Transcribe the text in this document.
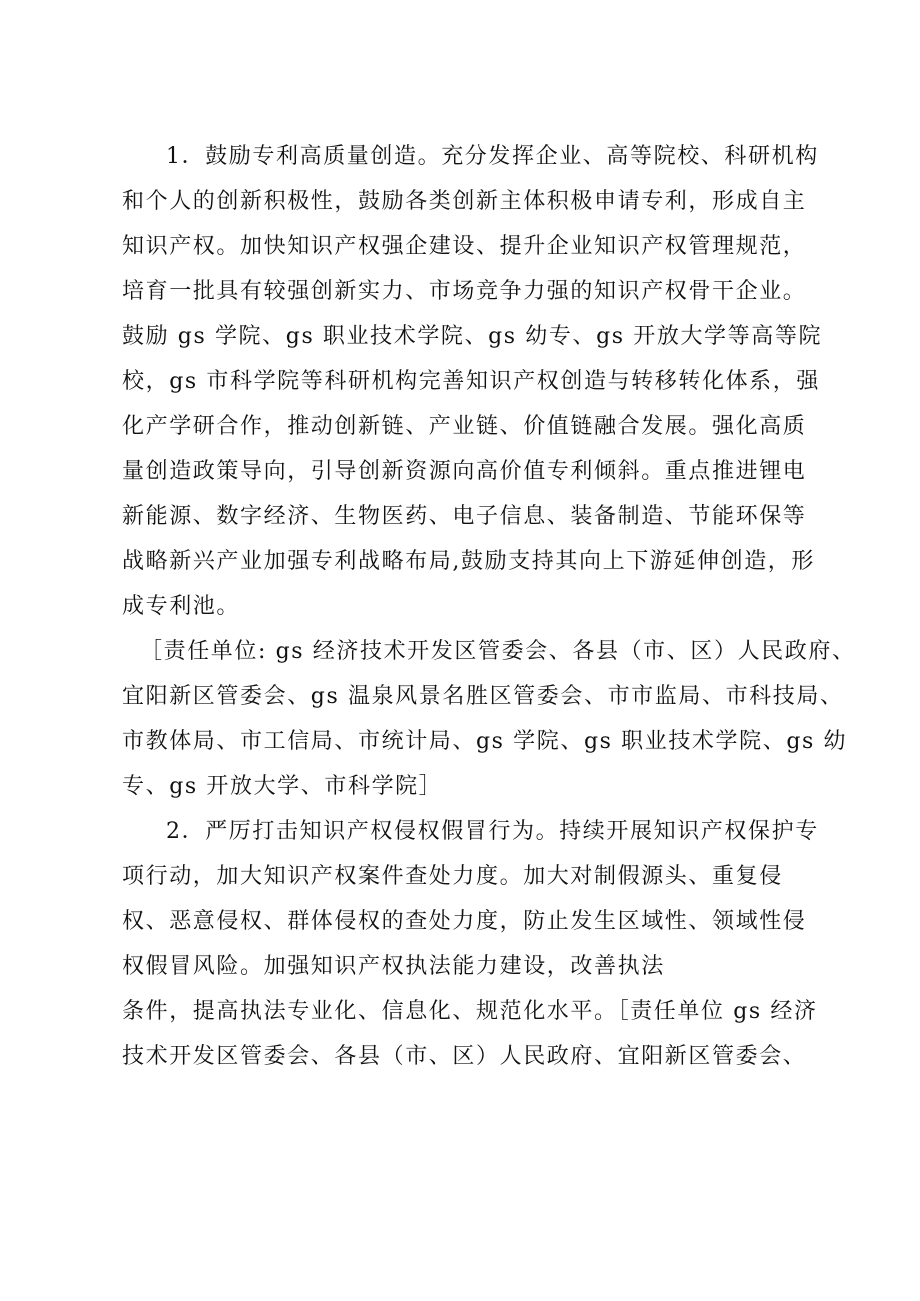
1．鼓励专利高质量创造。充分发挥企业、高等院校、科研机构
和个人的创新积极性，鼓励各类创新主体积极申请专利，形成自主
知识产权。加快知识产权强企建设、提升企业知识产权管理规范，
培育一批具有较强创新实力、市场竞争力强的知识产权骨干企业。
鼓励 gs 学院、gs 职业技术学院、gs 幼专、gs 开放大学等高等院
校，gs 市科学院等科研机构完善知识产权创造与转移转化体系，强
化产学研合作，推动创新链、产业链、价值链融合发展。强化高质
量创造政策导向，引导创新资源向高价值专利倾斜。重点推进锂电
新能源、数字经济、生物医药、电子信息、装备制造、节能环保等
战略新兴产业加强专利战略布局,鼓励支持其向上下游延伸创造，形
成专利池。
［责任单位: gs 经济技术开发区管委会、各县（市、区）人民政府、
宜阳新区管委会、gs 温泉风景名胜区管委会、市市监局、市科技局、
市教体局、市工信局、市统计局、gs 学院、gs 职业技术学院、gs 幼
专、gs 开放大学、市科学院］
2．严厉打击知识产权侵权假冒行为。持续开展知识产权保护专
项行动，加大知识产权案件查处力度。加大对制假源头、重复侵
权、恶意侵权、群体侵权的查处力度，防止发生区域性、领域性侵
权假冒风险。加强知识产权执法能力建设，改善执法
条件，提高执法专业化、信息化、规范化水平。［责任单位 gs 经济
技术开发区管委会、各县（市、区）人民政府、宜阳新区管委会、
